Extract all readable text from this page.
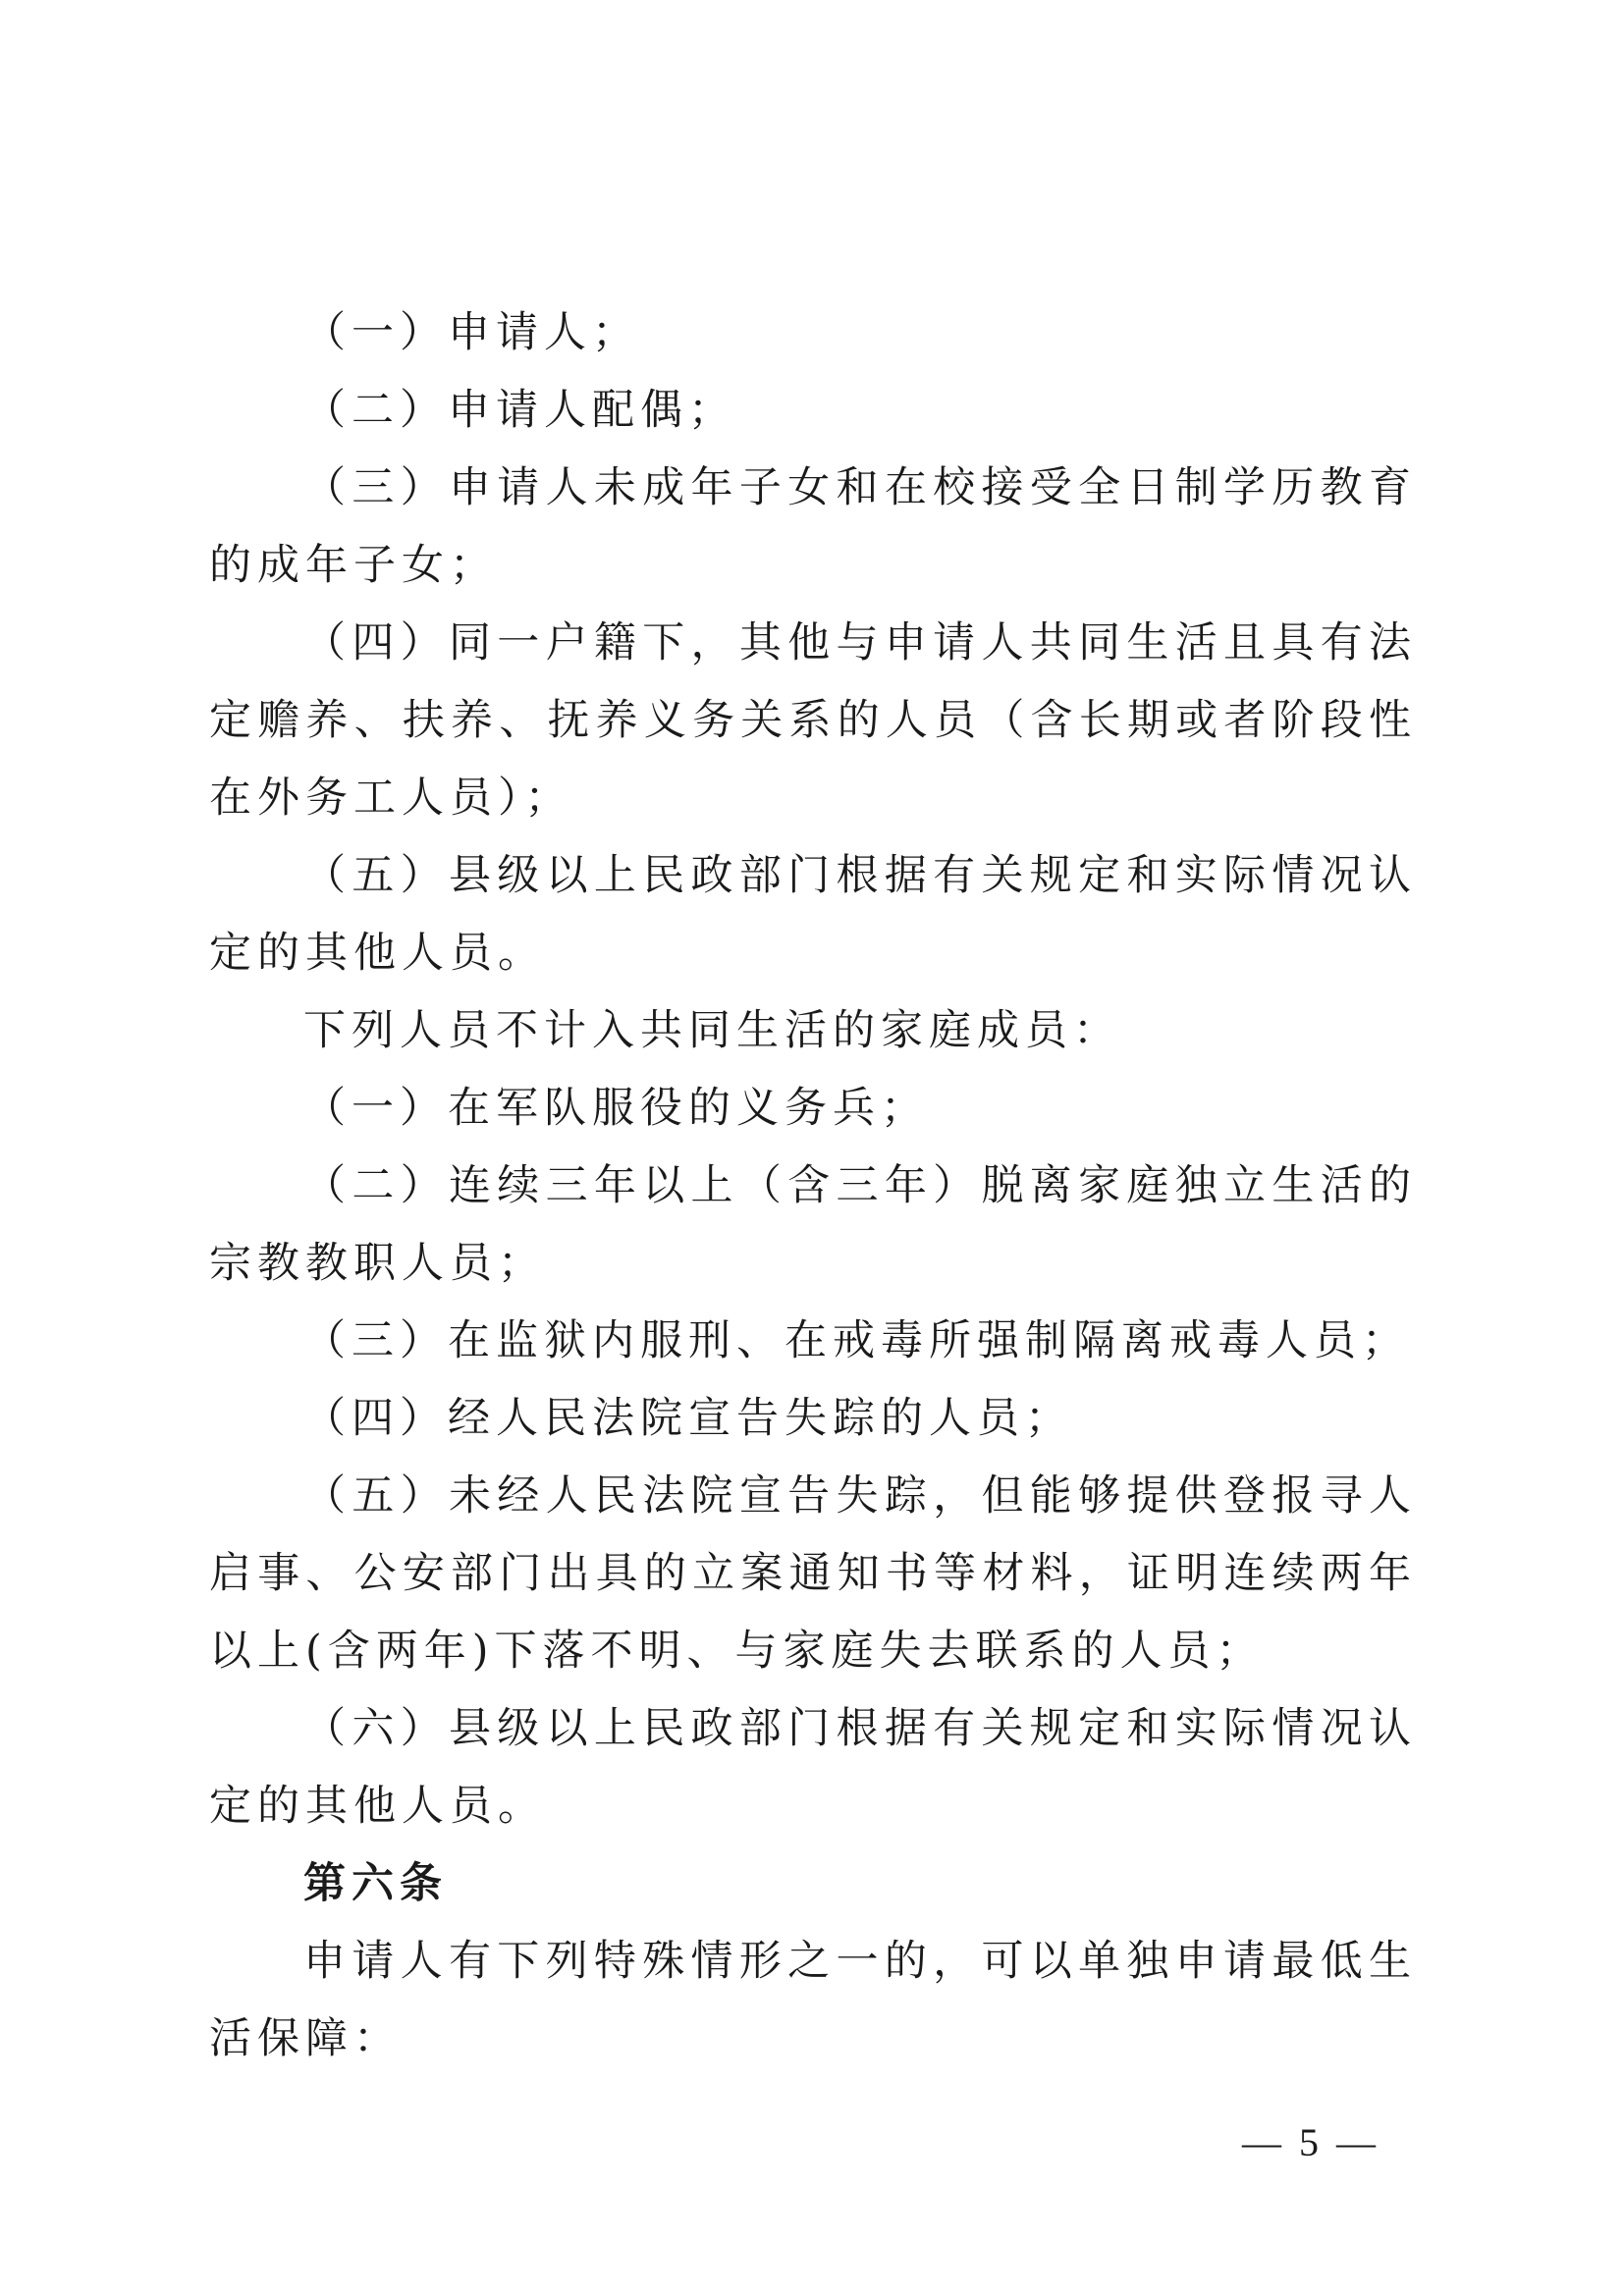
（一）申请人；

（二）申请人配偶；

（三）申请人未成年子女和在校接受全日制学历教育的成年子女；

（四）同一户籍下，其他与申请人共同生活且具有法定赡养、扶养、抚养义务关系的人员（含长期或者阶段性在外务工人员）；

（五）县级以上民政部门根据有关规定和实际情况认定的其他人员。

下列人员不计入共同生活的家庭成员：

（一）在军队服役的义务兵；

（二）连续三年以上（含三年）脱离家庭独立生活的宗教教职人员；

（三）在监狱内服刑、在戒毒所强制隔离戒毒人员；

（四）经人民法院宣告失踪的人员；

（五）未经人民法院宣告失踪，但能够提供登报寻人启事、公安部门出具的立案通知书等材料，证明连续两年以上(含两年)下落不明、与家庭失去联系的人员；

（六）县级以上民政部门根据有关规定和实际情况认定的其他人员。

第六条

申请人有下列特殊情形之一的，可以单独申请最低生活保障：

— 5 —
